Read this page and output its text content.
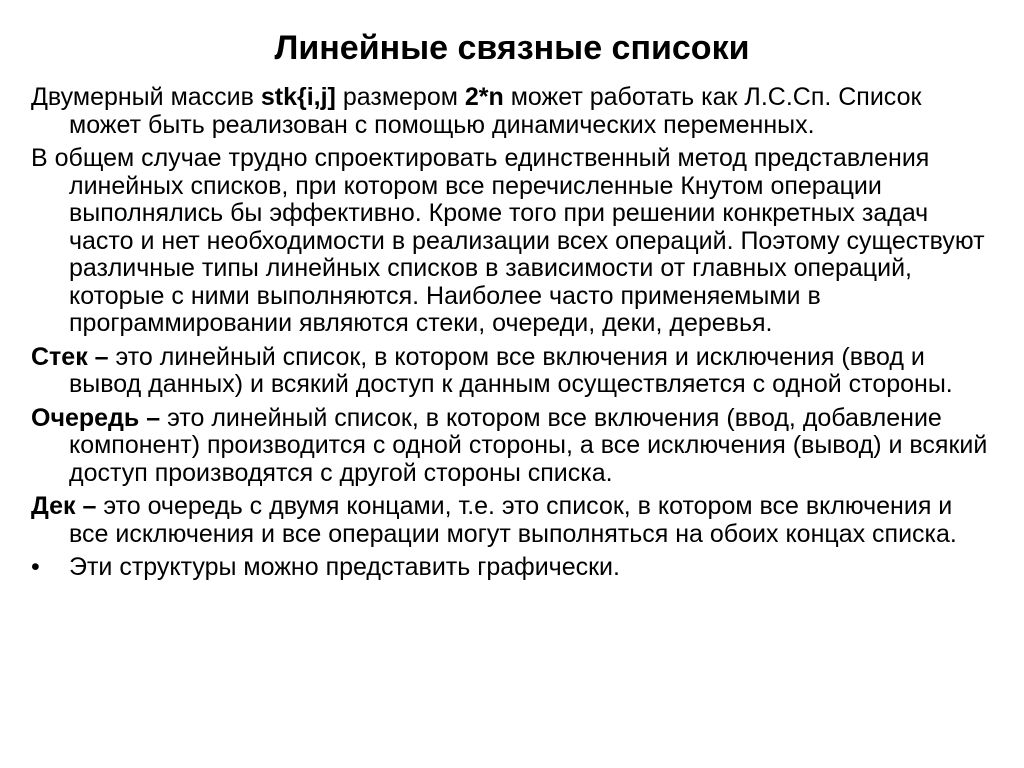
Линейные связные списоки
Двумерный массив stk{i,j] размером 2*n может работать как Л.С.Сп. Список может быть реализован с помощью динамических переменных.
В общем случае трудно спроектировать единственный метод представления линейных списков, при котором все перечисленные Кнутом операции выполнялись бы эффективно. Кроме того при решении конкретных задач часто и нет необходимости в реализации всех операций. Поэтому существуют различные типы линейных списков в зависимости от главных операций, которые с ними выполняются. Наиболее часто применяемыми в программировании являются стеки, очереди, деки, деревья.
Стек – это линейный список, в котором все включения и исключения (ввод и вывод данных) и всякий доступ к данным осуществляется с одной стороны.
Очередь – это линейный список, в котором все включения (ввод, добавление компонент) производится с одной стороны, а все исключения (вывод) и всякий доступ производятся с другой стороны списка.
Дек – это очередь с двумя концами, т.е. это список, в котором все включения и все исключения и все операции могут выполняться на обоих концах списка.
•	Эти структуры можно представить графически.
